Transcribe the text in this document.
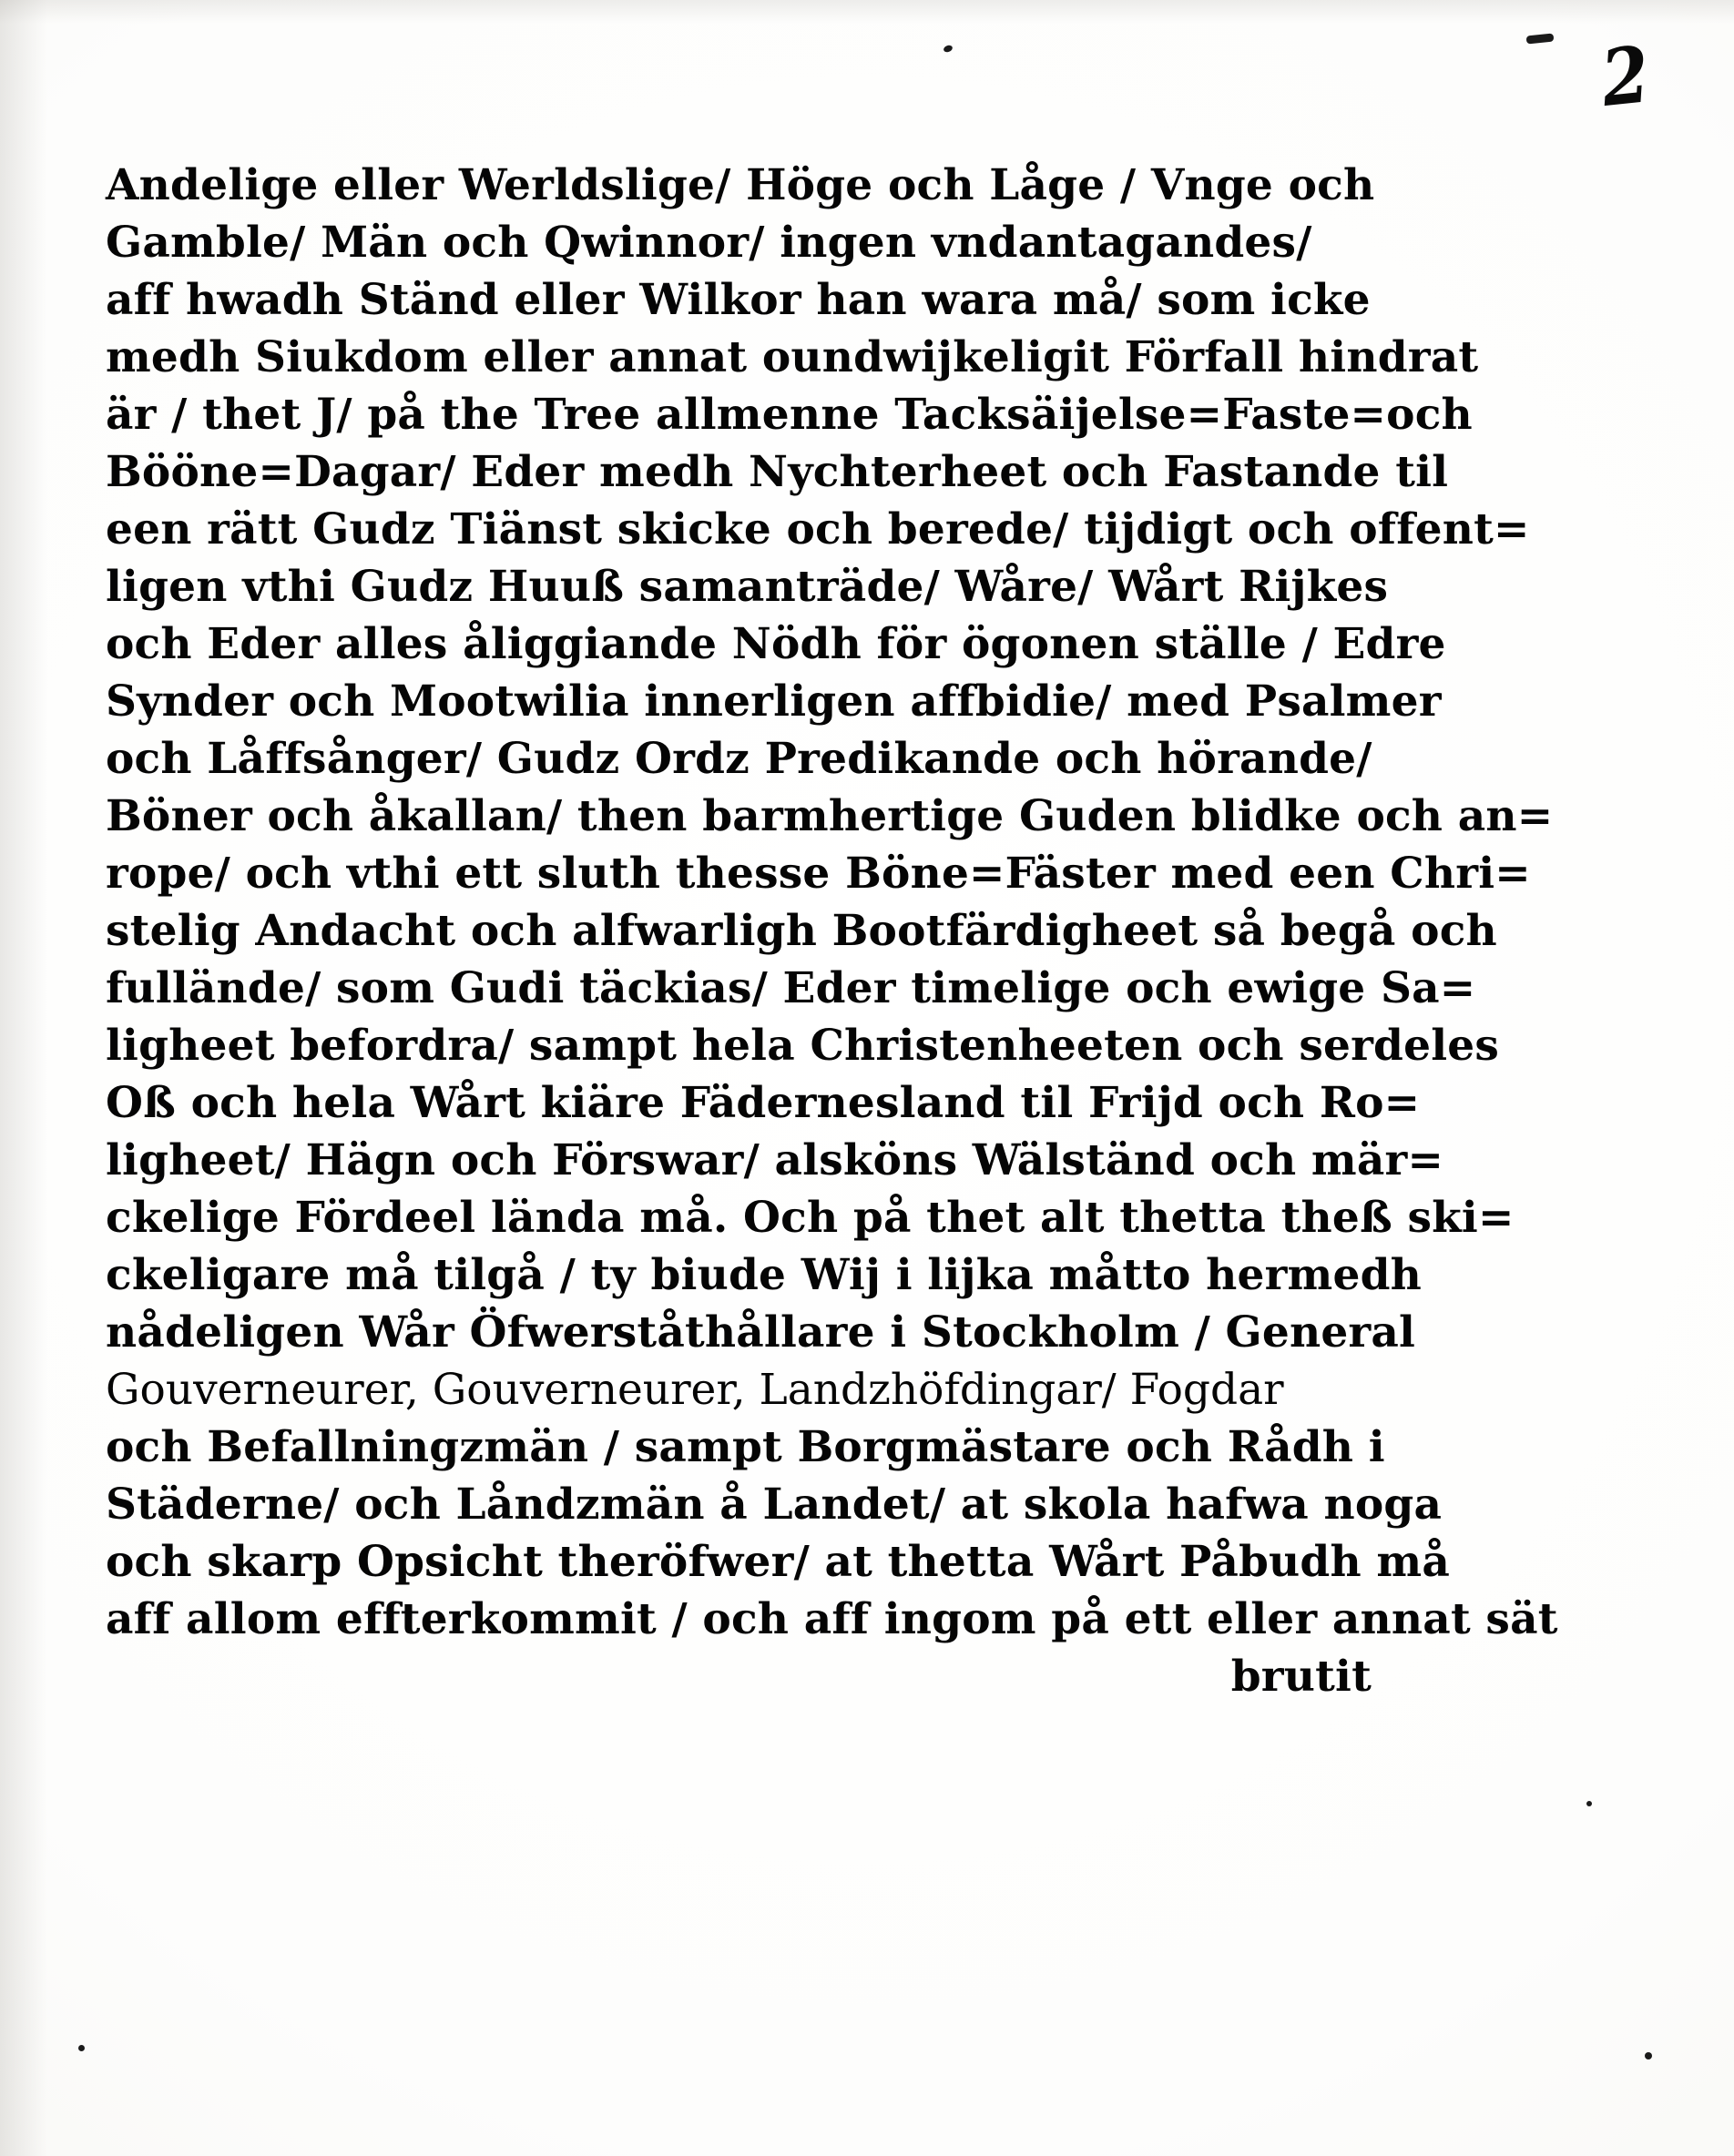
2
Andelige eller Werldslige/ Höge och Låge / Vnge och
Gamble/ Män och Qwinnor/ ingen vndantagandes/
aff hwadh Ständ eller Wilkor han wara må/ som icke
medh Siukdom eller annat oundwijkeligit Förfall hindrat
är / thet J/ på the Tree allmenne Tacksäijelse=Faste=och
Bööne=Dagar/ Eder medh Nychterheet och Fastande til
een rätt Gudz Tiänst skicke och berede/ tijdigt och offent=
ligen vthi Gudz Huuß samanträde/ Wåre/ Wårt Rijkes
och Eder alles åliggiande Nödh för ögonen ställe / Edre
Synder och Mootwilia innerligen affbidie/ med Psalmer
och Låffsånger/ Gudz Ordz Predikande och hörande/
Böner och åkallan/ then barmhertige Guden blidke och an=
rope/ och vthi ett sluth thesse Böne=Fäster med een Chri=
stelig Andacht och alfwarligh Bootfärdigheet så begå och
fullände/ som Gudi täckias/ Eder timelige och ewige Sa=
ligheet befordra/ sampt hela Christenheeten och serdeles
Oß och hela Wårt kiäre Fädernesland til Frijd och Ro=
ligheet/ Hägn och Förswar/ alsköns Wälständ och mär=
ckelige Fördeel lända må. Och på thet alt thetta theß ski=
ckeligare må tilgå / ty biude Wij i lijka måtto hermedh
nådeligen Wår Öfwerståthållare i Stockholm / General
Gouverneurer, Gouverneurer, Landzhöfdingar/ Fogdar
och Befallningzmän / sampt Borgmästare och Rådh i
Städerne/ och Låndzmän å Landet/ at skola hafwa noga
och skarp Opsicht theröfwer/ at thetta Wårt Påbudh må
aff allom effterkommit / och aff ingom på ett eller annat sät
brutit
